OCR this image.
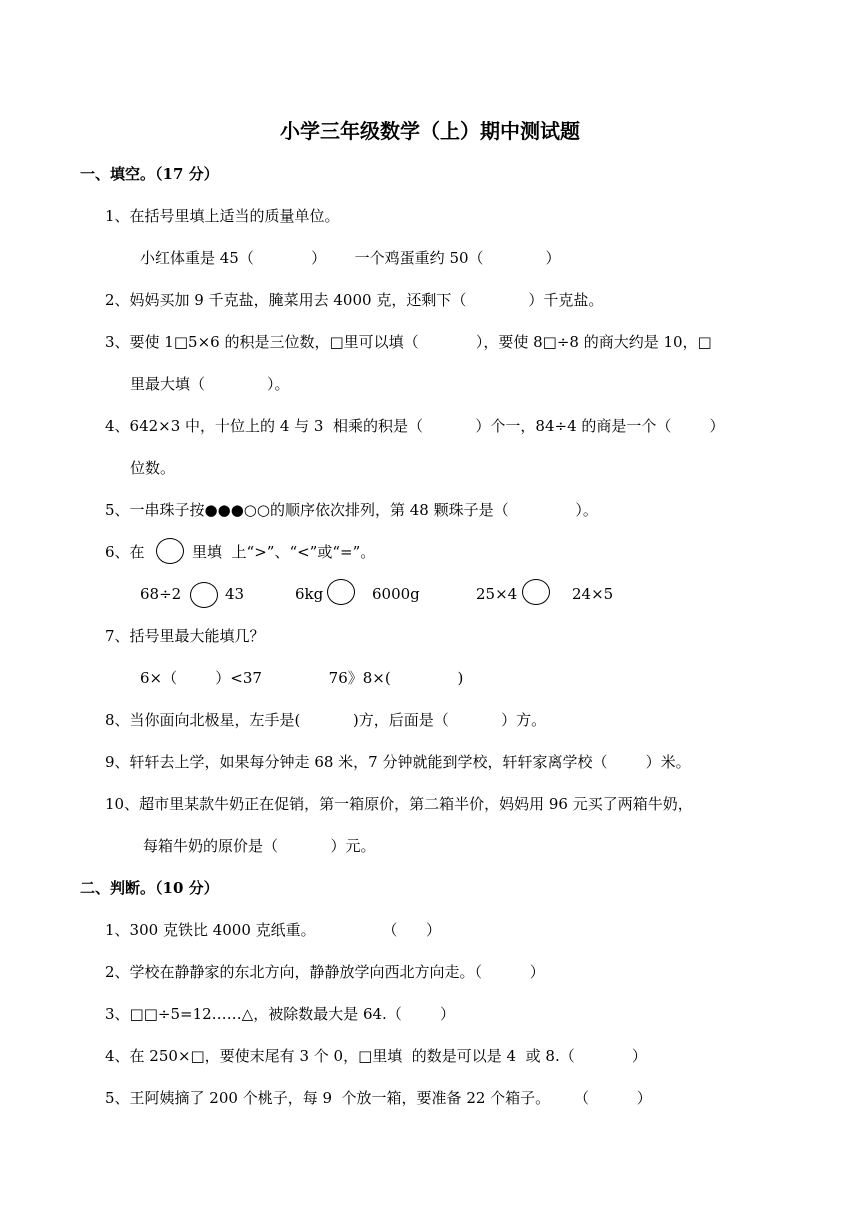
小学三年级数学（上）期中测试题
一、填空。（17 分）
1、在括号里填上适当的质量单位。
小红体重是 45（            ）      一个鸡蛋重约 50（             ）
2、妈妈买加 9 千克盐，腌菜用去 4000 克，还剩下（             ）千克盐。
3、要使 1□5×6 的积是三位数，□里可以填（            ），要使 8□÷8 的商大约是 10，□
里最大填（             ）。
4、642×3 中，十位上的 4 与 3  相乘的积是（           ）个一，84÷4 的商是一个（        ）
位数。
5、一串珠子按●●●○○的顺序依次排列，第 48 颗珠子是（              ）。
6、在	里填  上“>”、“<”或“=”。
68÷2	43	6kg	6000g	25×4	24×5
7、括号里最大能填几？
6×（        ）<37              76》8×(              )
8、当你面向北极星，左手是(           )方，后面是（           ）方。
9、轩轩去上学，如果每分钟走 68 米，7 分钟就能到学校，轩轩家离学校（        ）米。
10、超市里某款牛奶正在促销，第一箱原价，第二箱半价，妈妈用 96 元买了两箱牛奶，
每箱牛奶的原价是（           ）元。
二、判断。（10 分）
1、300 克铁比 4000 克纸重。              （      ）
2、学校在静静家的东北方向，静静放学向西北方向走。（          ）
3、□□÷5=12……△，被除数最大是 64.（        ）
4、在 250×□，要使末尾有 3 个 0，□里填  的数是可以是 4  或 8.（            ）
5、王阿姨摘了 200 个桃子，每 9  个放一箱，要准备 22 个箱子。     （          ）
